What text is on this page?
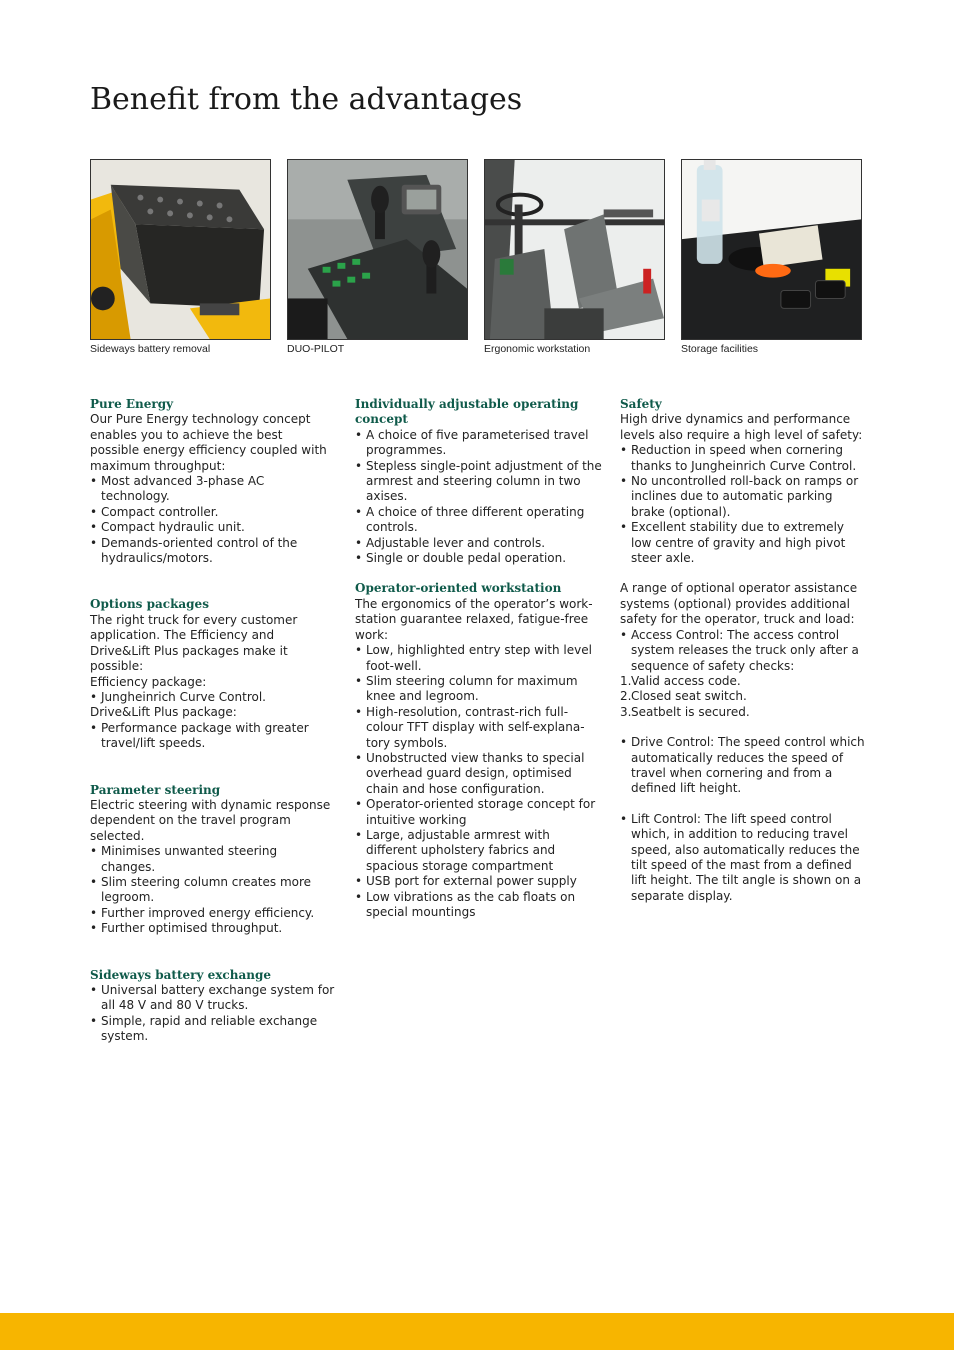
Benefit from the advantages
Sideways battery removal	DUO-PILOT	Ergonomic workstation	Storage facilities
Pure Energy

Our Pure Energy technology concept enables you to achieve the best possible energy efficiency coupled with maximum throughput:

• Most advanced 3-phase AC technology.
• Compact controller.
• Compact hydraulic unit.
• Demands-oriented control of the hydraulics/motors.
Options packages

The right truck for every customer application. The Efficiency and Drive&Lift Plus packages make it possible:

Efficiency package:

• Jungheinrich Curve Control.

Drive&Lift Plus package:

• Performance package with greater travel/lift speeds.
Parameter steering

Electric steering with dynamic response dependent on the travel program selected.

• Minimises unwanted steering changes.
• Slim steering column creates more legroom.
• Further improved energy efficiency.
• Further optimised throughput.
Sideways battery exchange
• Universal battery exchange system for all 48 V and 80 V trucks.
• Simple, rapid and reliable exchange system.
Individually adjustable operating concept
• A choice of five parameterised travel programmes.
• Stepless single-point adjustment of the armrest and steering column in two axises.
• A choice of three different operating controls.
• Adjustable lever and controls.
• Single or double pedal operation.
Operator-oriented workstation

The ergonomics of the operator’s work-station guarantee relaxed, fatigue-free work:

• Low, highlighted entry step with level foot-well.
• Slim steering column for maximum knee and legroom.
• High-resolution, contrast-rich full-colour TFT display with self-explana-tory symbols.
• Unobstructed view thanks to special overhead guard design, optimised chain and hose configuration.
• Operator-oriented storage concept for intuitive working
• Large, adjustable armrest with different upholstery fabrics and spacious storage compartment
• USB port for external power supply
• Low vibrations as the cab floats on special mountings
Safety

High drive dynamics and performance levels also require a high level of safety:

• Reduction in speed when cornering thanks to Jungheinrich Curve Control.
• No uncontrolled roll-back on ramps or inclines due to automatic parking brake (optional).
• Excellent stability due to extremely low centre of gravity and high pivot steer axle.

A range of optional operator assistance systems (optional) provides additional safety for the operator, truck and load:

• Access Control: The access control system releases the truck only after a sequence of safety checks:
1. Valid access code.
2. Closed seat switch.
3. Seatbelt is secured.
• Drive Control: The speed control which automatically reduces the speed of travel when cornering and from a defined lift height.
• Lift Control: The lift speed control which, in addition to reducing travel speed, also automatically reduces the tilt speed of the mast from a defined lift height. The tilt angle is shown on a separate display.
